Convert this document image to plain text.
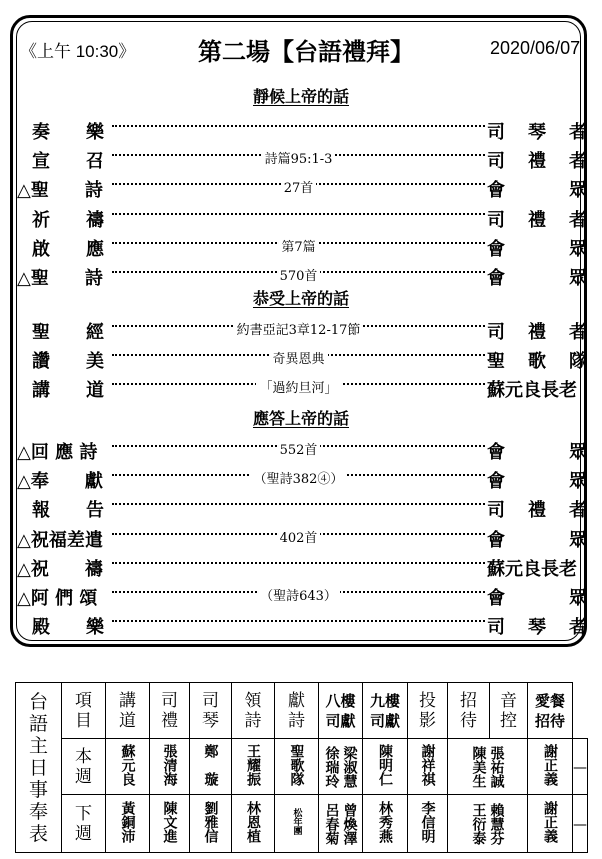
《上午 10:30》	第二場【台語禮拜】	2020/06/07
靜候上帝的話
奏　　樂	司 琴 者
宣　　召	詩篇95:1-3	司 禮 者
△聖　　詩	27首	會	眾
祈　　禱	司 禮 者
啟　　應	第7篇	會	眾
△聖　　詩	570首	會	眾
恭受上帝的話
聖　　經	約書亞記3章12-17節	司 禮 者
讚　　美	奇異恩典	聖 歌 隊
講　　道	「過約旦河」	蘇元良長老
應答上帝的話
△回 應 詩	552首	會	眾
△奉　　獻	（聖詩382④）	會	眾
報　　告	司 禮 者
△祝福差遣	402首	會	眾
△祝　　禱	蘇元良長老
△阿 們 頌	（聖詩643）	會	眾
殿　　樂	司 琴 者
台語主日事奉表	項目	講道	司禮	司琴	領詩	獻詩	八樓司獻	九樓司獻	投影	招待	音控	愛餐招待	

	本週	蘇元良	張清海	鄭　璇	王耀振	聖歌隊	徐瑞玲 梁淑慧	陳明仁	謝祥祺	陳美生 張祐誠		謝正義	—

	下週	黃銅沛	陳文進	劉雅信	林恩植	松年團	呂春菊 曾煥澤	林秀燕	李信明	王衍泰 賴慧芬		謝正義	—
